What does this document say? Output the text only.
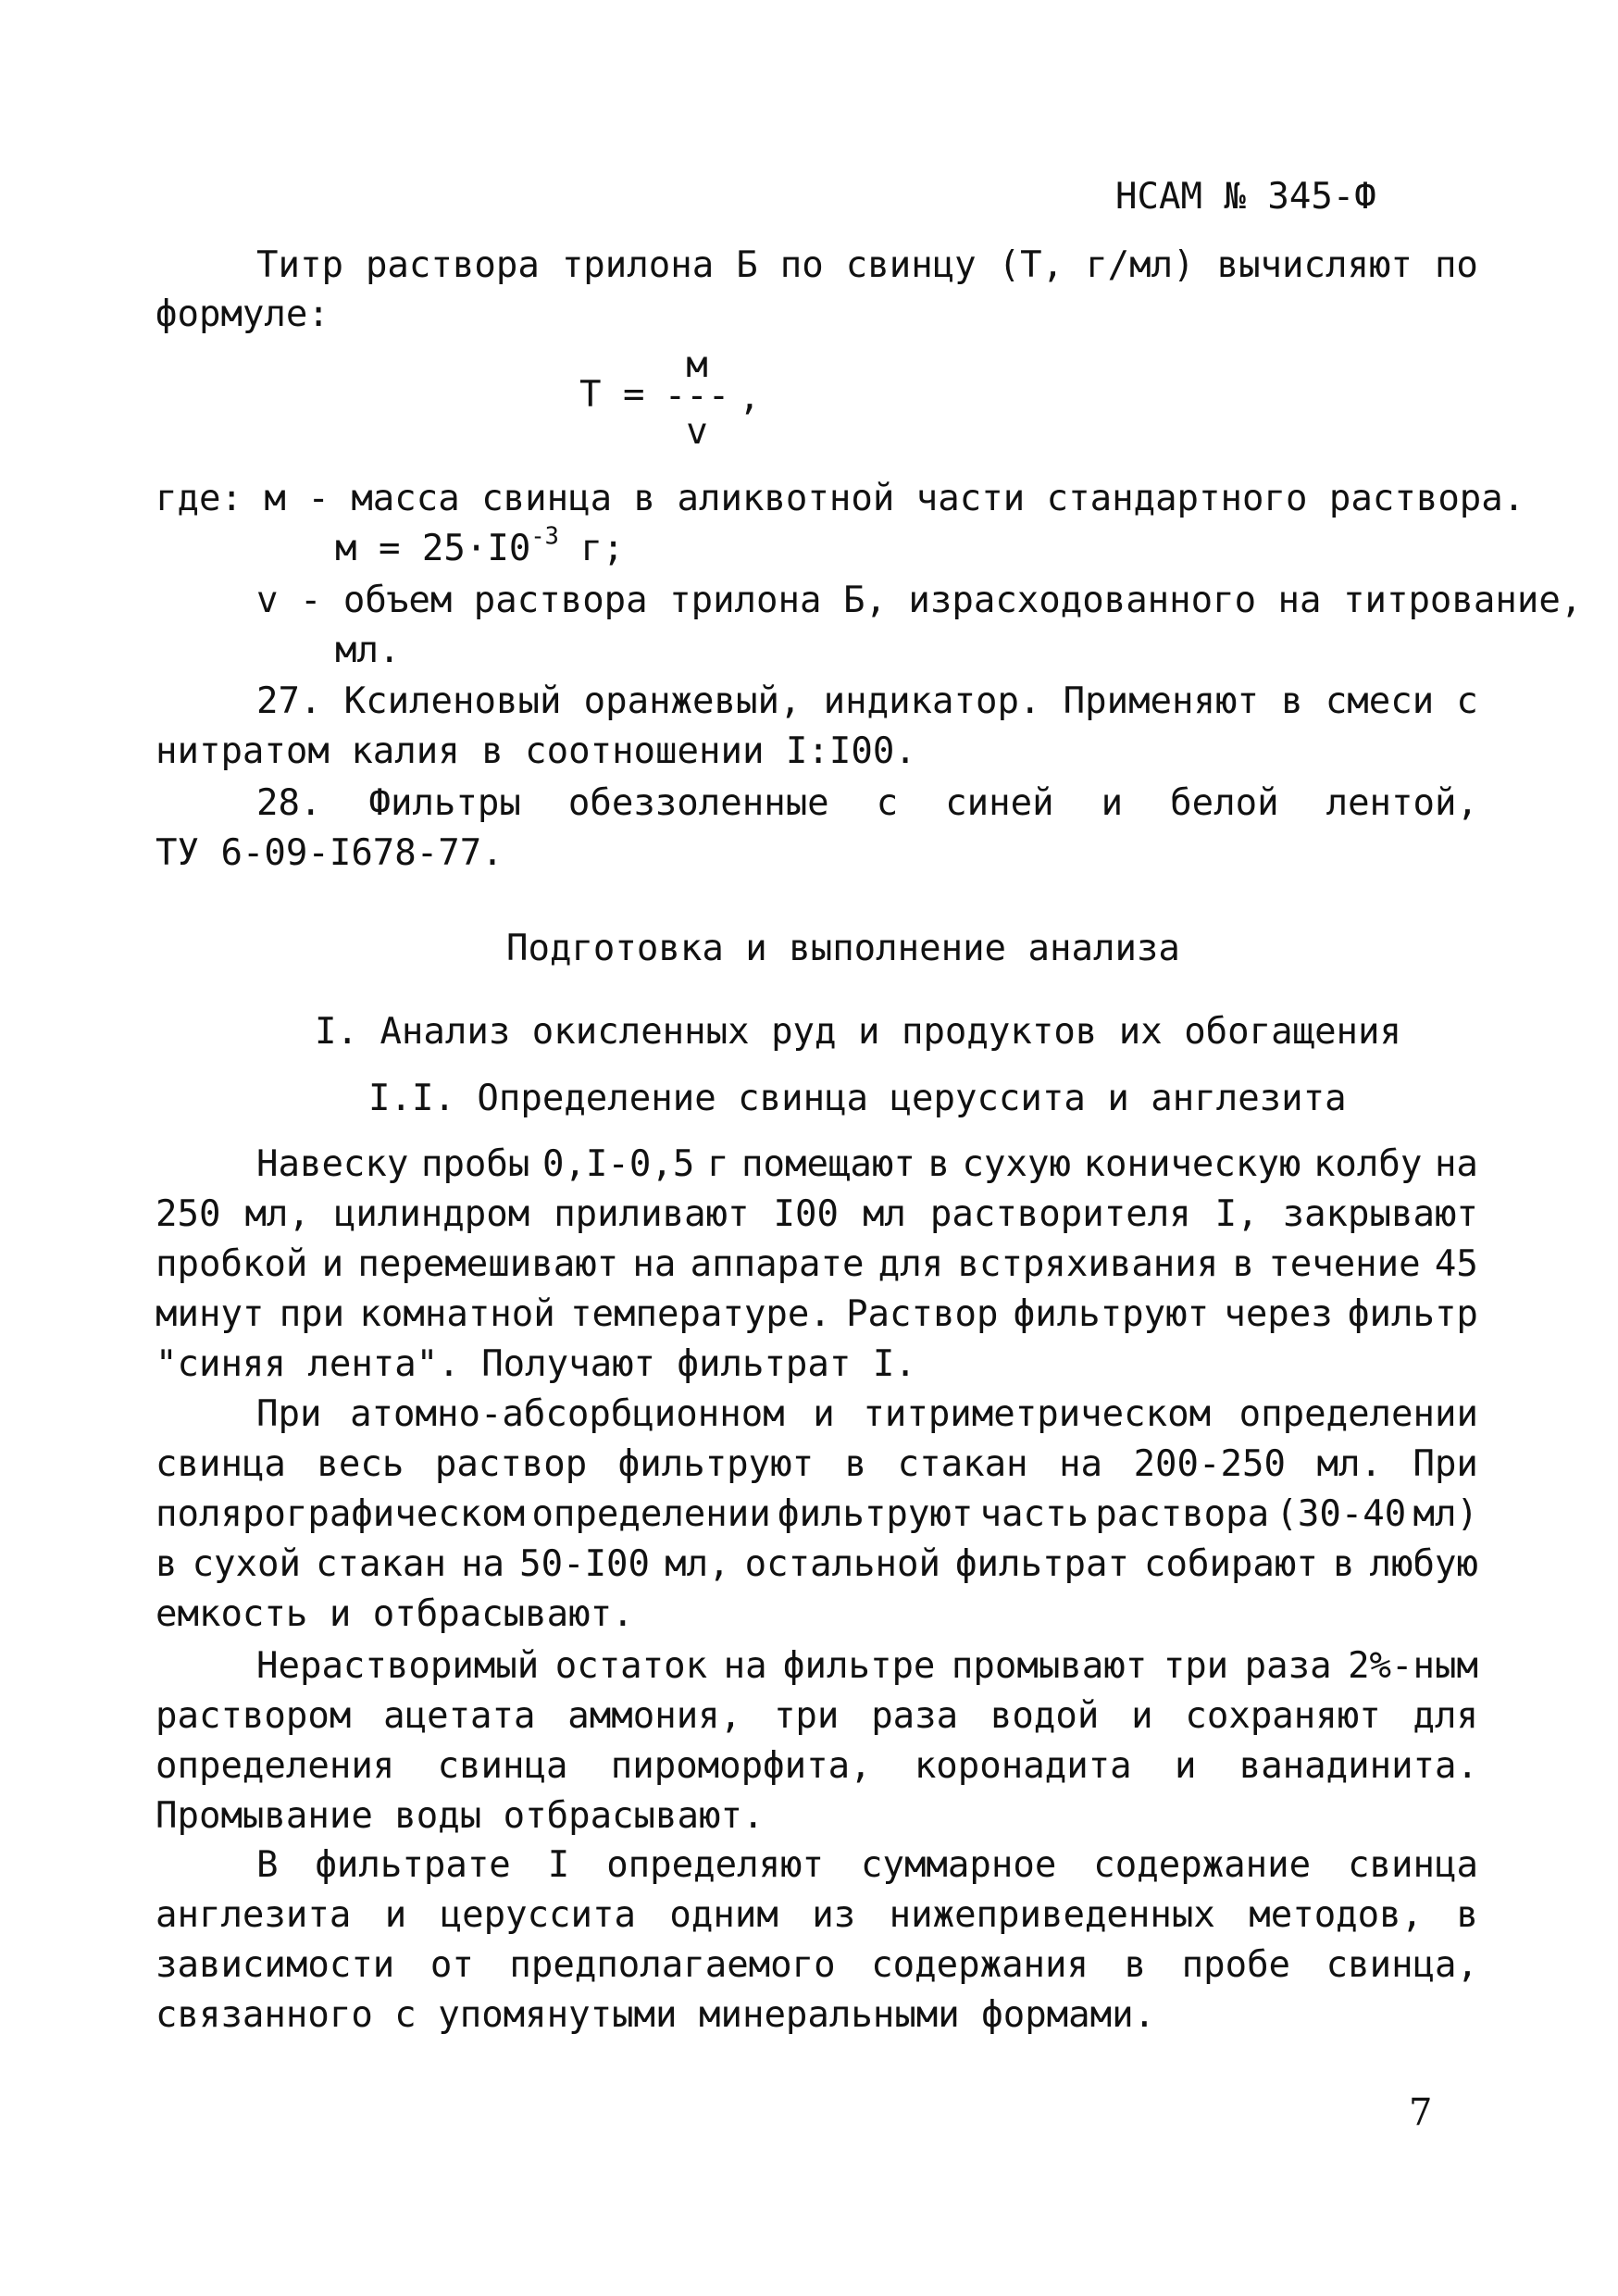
НСАМ № 345-Ф
Титр раствора трилона Б по свинцу (Т, г/мл) вычисляют по
формуле:
Т =
м
---
v
,
где: м - масса свинца в аликвотной части стандартного раствора.
$м = 25\cdot I0^{-3}$ г;
v - объем раствора трилона Б, израсходованного на титрование,
мл.
27. Ксиленовый оранжевый, индикатор. Применяют в смеси с
нитратом калия в соотношении I:I00.
28. Фильтры обеззоленные с синей и белой лентой,
ТУ 6-09-I678-77.
Подготовка и выполнение анализа
I. Анализ окисленных руд и продуктов их обогащения
I.I. Определение свинца церуссита и англезита
7
Навеску пробы 0,I-0,5 г помещают в сухую коническую колбу на
250 мл, цилиндром приливают I00 мл растворителя I, закрывают
пробкой и перемешивают на аппарате для встряхивания в течение 45
минут при комнатной температуре. Раствор фильтруют через фильтр
"синяя лента". Получают фильтрат I.
При атомно-абсорбционном и титриметрическом определении
свинца весь раствор фильтруют в стакан на 200-250 мл. При
полярографическом определении фильтруют часть раствора (30-40 мл)
в сухой стакан на 50-I00 мл, остальной фильтрат собирают в любую
емкость и отбрасывают.
Нерастворимый остаток на фильтре промывают три раза 2%-ным
раствором ацетата аммония, три раза водой и сохраняют для
определения свинца пироморфита, коронадита и ванадинита.
Промывание воды отбрасывают.
В фильтрате I определяют суммарное содержание свинца
англезита и церуссита одним из нижеприведенных методов, в
зависимости от предполагаемого содержания в пробе свинца,
связанного с упомянутыми минеральными формами.
